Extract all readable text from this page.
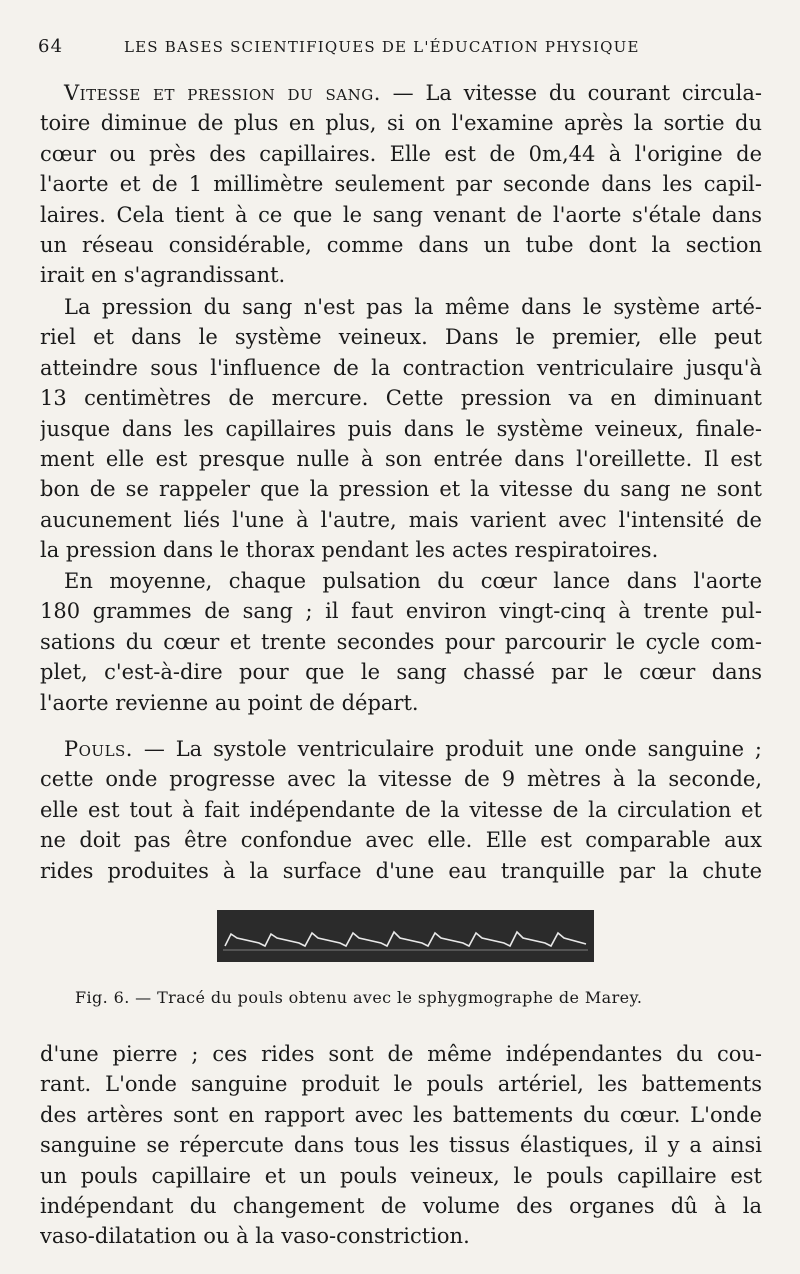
64	LES BASES SCIENTIFIQUES DE L'ÉDUCATION PHYSIQUE
Vitesse et pression du sang. — La vitesse du courant circula-
toire diminue de plus en plus, si on l'examine après la sortie du
cœur ou près des capillaires. Elle est de 0m,44 à l'origine de
l'aorte et de 1 millimètre seulement par seconde dans les capil-
laires. Cela tient à ce que le sang venant de l'aorte s'étale dans
un réseau considérable, comme dans un tube dont la section
irait en s'agrandissant.
La pression du sang n'est pas la même dans le système arté-
riel et dans le système veineux. Dans le premier, elle peut
atteindre sous l'influence de la contraction ventriculaire jusqu'à
13 centimètres de mercure. Cette pression va en diminuant
jusque dans les capillaires puis dans le système veineux, finale-
ment elle est presque nulle à son entrée dans l'oreillette. Il est
bon de se rappeler que la pression et la vitesse du sang ne sont
aucunement liés l'une à l'autre, mais varient avec l'intensité de
la pression dans le thorax pendant les actes respiratoires.
En moyenne, chaque pulsation du cœur lance dans l'aorte
180 grammes de sang ; il faut environ vingt-cinq à trente pul-
sations du cœur et trente secondes pour parcourir le cycle com-
plet, c'est-à-dire pour que le sang chassé par le cœur dans
l'aorte revienne au point de départ.
Pouls. — La systole ventriculaire produit une onde sanguine ;
cette onde progresse avec la vitesse de 9 mètres à la seconde,
elle est tout à fait indépendante de la vitesse de la circulation et
ne doit pas être confondue avec elle. Elle est comparable aux
rides produites à la surface d'une eau tranquille par la chute
Fig. 6. — Tracé du pouls obtenu avec le sphygmographe de Marey.
d'une pierre ; ces rides sont de même indépendantes du cou-
rant. L'onde sanguine produit le pouls artériel, les battements
des artères sont en rapport avec les battements du cœur. L'onde
sanguine se répercute dans tous les tissus élastiques, il y a ainsi
un pouls capillaire et un pouls veineux, le pouls capillaire est
indépendant du changement de volume des organes dû à la
vaso-dilatation ou à la vaso-constriction.
